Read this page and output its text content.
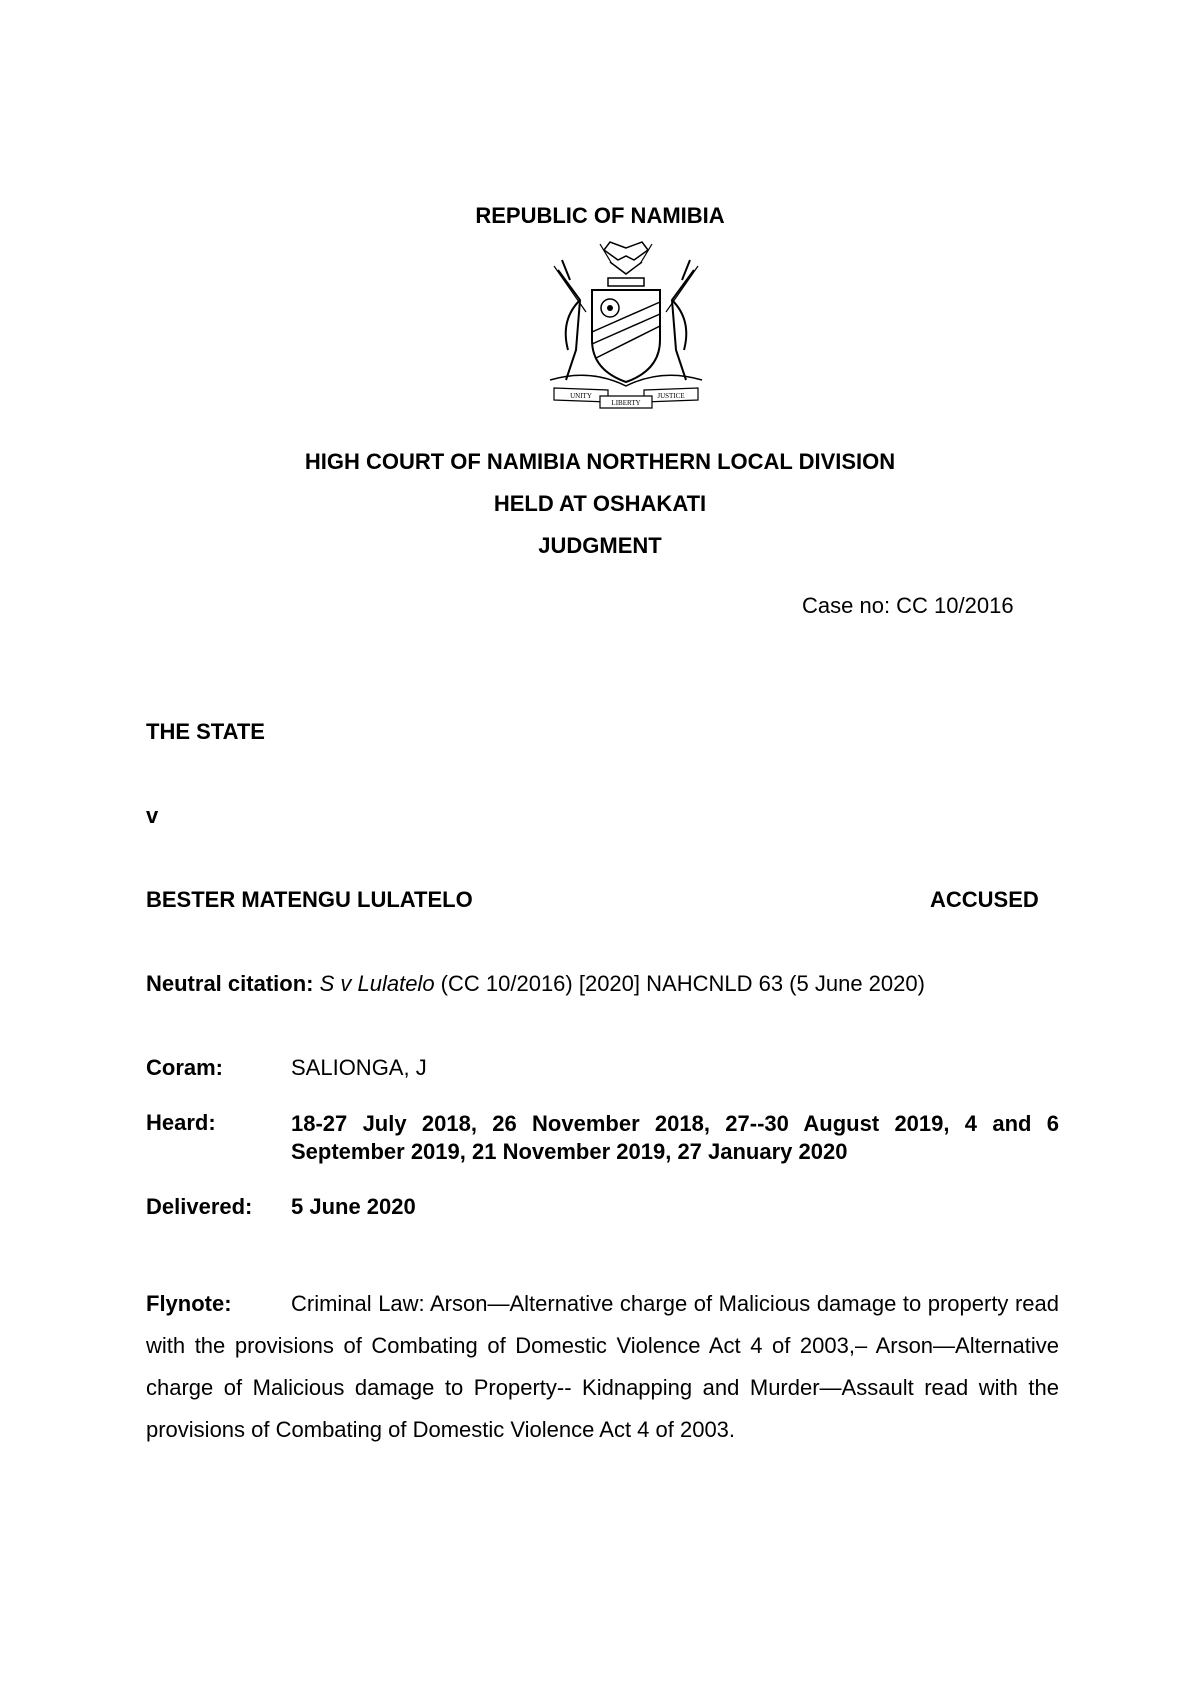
REPUBLIC OF NAMIBIA
UNITY
LIBERTY
JUSTICE
HIGH COURT OF NAMIBIA NORTHERN LOCAL DIVISION
HELD AT OSHAKATI
JUDGMENT
Case no: CC 10/2016
THE STATE
v
BESTER MATENGU LULATELO	ACCUSED
Neutral citation: S v Lulatelo (CC 10/2016) [2020] NAHCNLD 63 (5 June 2020)
Coram:	SALIONGA, J
Heard:	18-27 July 2018, 26 November 2018, 27--30 August 2019, 4 and 6 September 2019, 21 November 2019, 27 January 2020
Delivered: 5 June 2020
Flynote:	Criminal Law: Arson—Alternative charge of Malicious damage to property read with the provisions of Combating of Domestic Violence Act 4 of 2003,– Arson—Alternative charge of Malicious damage to Property-- Kidnapping and Murder—Assault read with the provisions of Combating of Domestic Violence Act 4 of 2003.
